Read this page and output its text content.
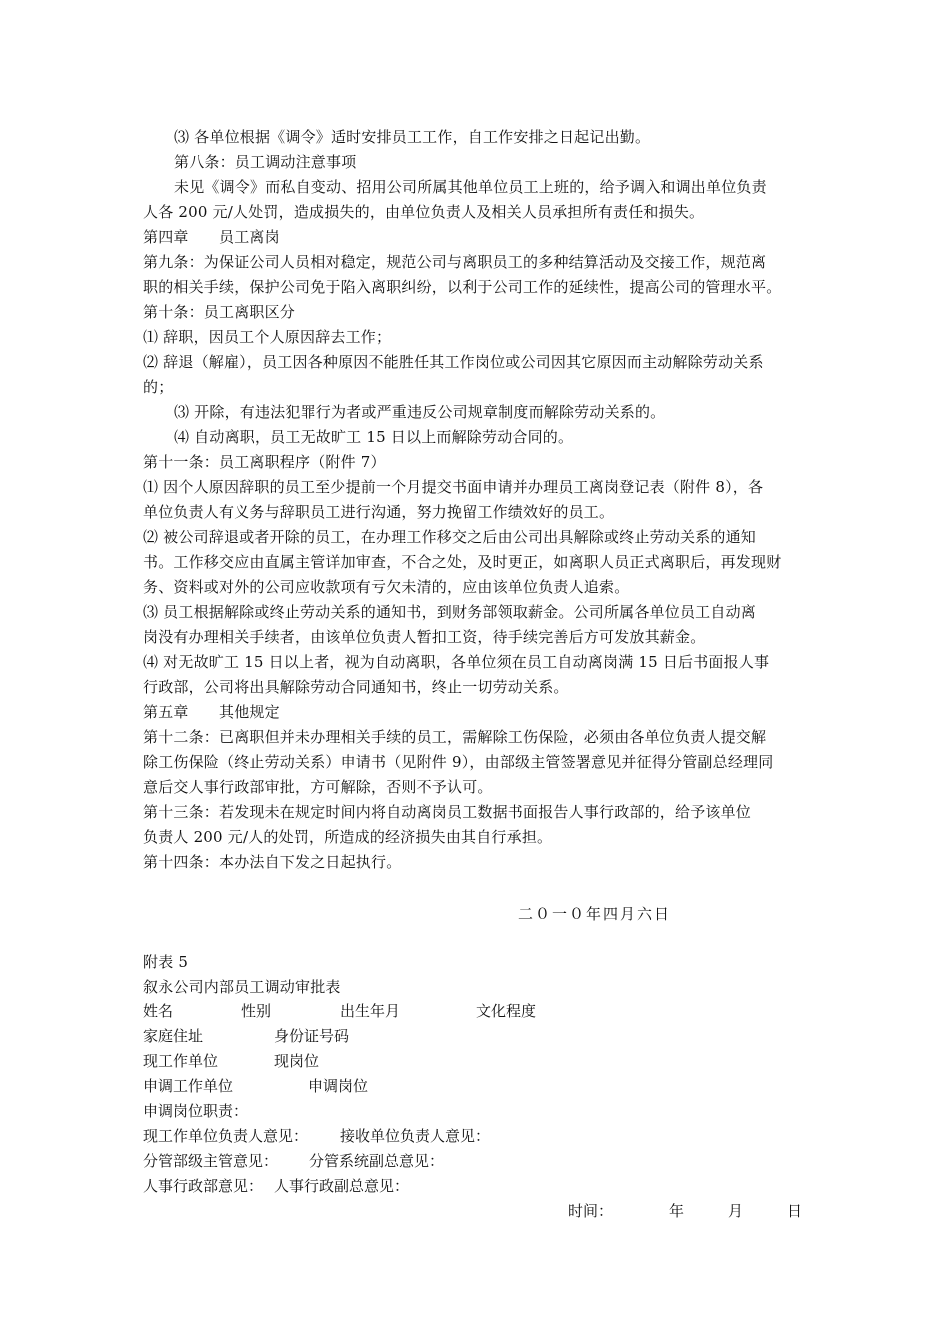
⑶ 各单位根据《调令》适时安排员工工作，自工作安排之日起记出勤。
第八条：员工调动注意事项
未见《调令》而私自变动、招用公司所属其他单位员工上班的，给予调入和调出单位负责
人各 200 元/人处罚，造成损失的，由单位负责人及相关人员承担所有责任和损失。
第四章　　员工离岗
第九条：为保证公司人员相对稳定，规范公司与离职员工的多种结算活动及交接工作，规范离
职的相关手续，保护公司免于陷入离职纠纷，以利于公司工作的延续性，提高公司的管理水平。
第十条：员工离职区分
⑴ 辞职，因员工个人原因辞去工作；
⑵ 辞退（解雇），员工因各种原因不能胜任其工作岗位或公司因其它原因而主动解除劳动关系
的；
⑶ 开除，有违法犯罪行为者或严重违反公司规章制度而解除劳动关系的。
⑷ 自动离职，员工无故旷工 15 日以上而解除劳动合同的。
第十一条：员工离职程序（附件 7）
⑴ 因个人原因辞职的员工至少提前一个月提交书面申请并办理员工离岗登记表（附件 8），各
单位负责人有义务与辞职员工进行沟通，努力挽留工作绩效好的员工。
⑵ 被公司辞退或者开除的员工，在办理工作移交之后由公司出具解除或终止劳动关系的通知
书。工作移交应由直属主管详加审查，不合之处，及时更正，如离职人员正式离职后，再发现财
务、资料或对外的公司应收款项有亏欠未清的，应由该单位负责人追索。
⑶ 员工根据解除或终止劳动关系的通知书，到财务部领取薪金。公司所属各单位员工自动离
岗没有办理相关手续者，由该单位负责人暂扣工资，待手续完善后方可发放其薪金。
⑷ 对无故旷工 15 日以上者，视为自动离职，各单位须在员工自动离岗满 15 日后书面报人事
行政部，公司将出具解除劳动合同通知书，终止一切劳动关系。
第五章　　其他规定
第十二条：已离职但并未办理相关手续的员工，需解除工伤保险，必须由各单位负责人提交解
除工伤保险（终止劳动关系）申请书（见附件 9），由部级主管签署意见并征得分管副总经理同
意后交人事行政部审批，方可解除，否则不予认可。
第十三条：若发现未在规定时间内将自动离岗员工数据书面报告人事行政部的，给予该单位
负责人 200 元/人的处罚，所造成的经济损失由其自行承担。
第十四条：本办法自下发之日起执行。
二０一０年四月六日
附表 5
叙永公司内部员工调动审批表
姓名	性别	出生年月	文化程度
家庭住址	身份证号码
现工作单位	现岗位
申调工作单位	申调岗位
申调岗位职责：
现工作单位负责人意见： 接收单位负责人意见：
分管部级主管意见： 分管系统副总意见：
人事行政部意见： 人事行政副总意见：
时间：	年	月	日
